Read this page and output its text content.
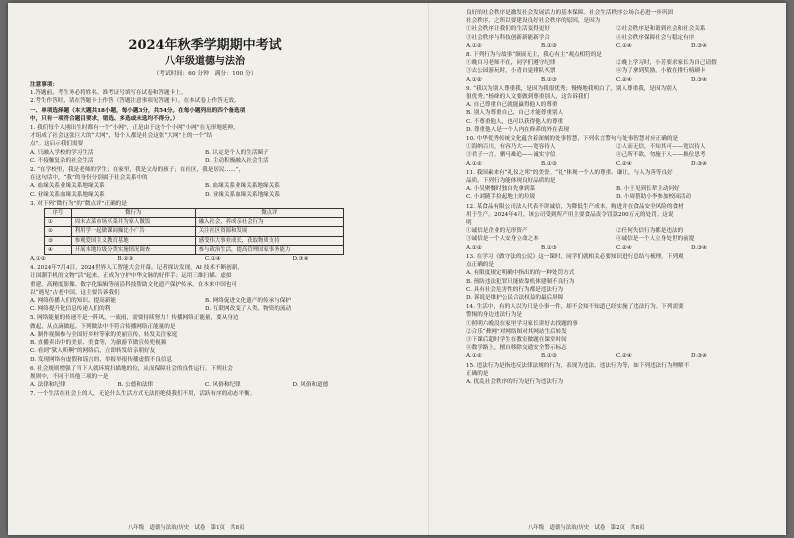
2024年秋季学期期中考试
八年级道德与法治
（考试时间：60 分钟　满分：100 分）
注意事项：
1.答题前，考生务必将姓名、准考证号填写在试卷和答题卡上。
2.考生作答时，请在答题卡上作答（答题注意事项见答题卡），在本试卷上作答无效。
一、单项选择题（本大题共18小题，每小题3分，共54分。在每小题列出的四个备选项
中，只有一项符合题目要求，错选、多选或未选均不得分。）
1. 我们每个人刚出生时都有一个“小网”，正是由于这个个小网“小网”在无形地延伸，
才组成了社会这张巨大的“大网”，每个人都是社会这张“大网”上的一个“结
点”。这启示我们需要
A. 只融入学校的学习生活	B. 认定是个人的生活圈子
C. 不接触复杂的社会生活	D. 主动积极融入社会生活
2. “在学校里，我是老师的学生；在家里，我是父母的孩子；在社区，我是居民……”，
在这句话中，“我”的身份分别属于社会关系中的
A. 血缘关系业缘关系地缘关系	B. 血缘关系业缘关系地缘关系
C. 业缘关系血缘关系地缘关系	D. 业缘关系血缘关系地缘关系
3. 对下列“微行为”的“微点评”正确的是
序号	微行为	微点评
①	周末去菜市场买菜并为家人做饭	融入社会，养成亲社会行为
②	利用学一起做课间操比小广告	关注社区资源和发展
③	参观爱国主义教育基地	感受伟大事业成长，获取物质支持
④	开展本地垃圾分类实施情况调查	参与政治生活，提高管理国家事务能力
A.①②	B.②③	C.①④	D.③④
4. 2024年7月4日，2024世界人工智能大会开幕。记者探访发现，AI 技术不断创新，
让国潮手机的文物“活”起来，正成为守护中华文脉的好伴手；运用三维扫描、虚拟
重建、高精度影像、数字化编辑等前沿科技帮助文化遗产保护传承，在本来中国也可
以“遇见”古老中国。这主要告诉我们
A. 网络传播人们的知识、提高新能	B. 网络促进文化遗产的传承与保护
C. 网络提升化信息传递人们的利	D. 互联网改变了人类、物资的流动
5. 网络能量的传递不是一阵风，一流雨，需要持续努力！传播网络正能量，要从身边
做起，从点滴做起。下列做法中不符合传播网络正能量的是
A. 制作视频参与全国好乡村等家的美丽宣传，转发关注家庭
B. 直播卖出中的美景、美食等，为旅游节做宣传兜视频
C. 看到“狱人昕啊”的网络后，立即转发给亲朋好友
D. 发现网络有虚假和谣言的，举报举报传播虚假不良信息
6. 社会规则增强了当下人就环境扫描地的位，从而保障社会的良性运行。下列社会
规则中，不同于其他三项的一是
A. 法律和纪律	B. 公德和法律	C. 风俗和纪律	D. 风俗和道德
7. 一个生活在社会上的人，无论什么生活方式无法拒绝使我们不用，活跃有序的动态平衡。
八年级　道德与法治/历史　试卷　第1页　共8页
良好的社会秩序是激发社会发展活力的基本保障。社会生活秩序公场合必进一步巩固
社会秩序，之所以要建设良好社会秩序的原因，是因为
①社会秩序让我们的生活变得更好	②社会秩序是和谐到社会和社会关系
③社会秩序与科技创新新能新学合	④社会秩序保障社会与稳定有序
A.①②	B.①③	C.①④	D.③④
8. 下列行为与故事“颠展无主，我心有主”观点相符的是
①晚自习老师不在，同学们遵守纪律	②晚上学习时，小芳要求家长为自己请假
③去公园游玩时，小青自觉排队买票	④为了拿到奖励，小敏在排行榜刷卡
A.①②	B.①③	C.②④	D.③④
9. “我以为别人尊重我，是因为我很优秀；慢慢地我明白了，别人尊重我，是因为别人
很优秀。”杨绛的人文要做到尊重别人，这告诉我们
A. 自己尊重自己就能赢得他人的尊重
B. 别人为尊重自己，自己才能尊重别人
C. 不尊重他人，也可以获得他人的尊重
D. 尊重他人是一个人内在修养的外在表现
10. 中华优秀传统文化蕴含着深刻的处事智慧，下列名言警句与处事智慧对应正确的是
①海纳百川，有容乃大——宽容待人	②人而无信，不知其可——宽以待人
③君子一言，驷马难追——诚实守信	④己所不欲，勿施于人——换位思考
A.①②	B.①③	C.②④	D.③④
11. 我国素来有“礼仪之邦”的美誉。“礼”体现一个人的尊重、谦让，与人为善等良好
品质。下列行为能体现良好品质的是
A. 小吴聚餐时独自先拿到菜	B. 小王见到长辈主动问好
C. 小刘随手捡起地上的垃圾	D. 小周帮助小李参加校园活动
12. 某食品有限公司法人代表不讲诚信，为降低生产成本，购进并在食品安全风险的食材
用于生产。2024年4月，该公司受到所产用主要食品责令罚款200万元的处罚。这说
明
①诚信是企业的无形资产	②任何失信行为都是违法的
③诚信是一个人安身立命之本	④诚信是一个人立身处世的前提
A.①②	B.①③	C.②④	D.③④
13. 在学习《做守法的公民》这一课时，同学们就相关必要知识进行总结与梳理。下列观
点正确的是
A. 有限度规定明确中指出的的一种处罚方式
B. 预防违法犯罪只能依靠机体建制不良行为
C. 具有社会危害性的行为都是违法行为
D. 诉说是维护公民合法权益的最后屏障
14. 生活中，有的人以为只是小事一件，却不会知不知道已经实施了违法行为。下列需要
警惕的身边违法行为是
①照明六晚没在家里学习家长讲好去找题的事
②合乐“彝网”对网络图对其网站生后转发
③下课后超时学生在教室做题在课堂时间
④数学路上，擅自移除交通安全警示标志
A.①②	B.①③	C.②④	D.③④
15. 违法行为是指违反法律法规的行为，表现为违法、违法行为等，如下列违法行为理解不
正确的是
A. 扰乱社会秩序的行为是行为违法行为
八年级　道德与法治/历史　试卷　第2页　共8页
